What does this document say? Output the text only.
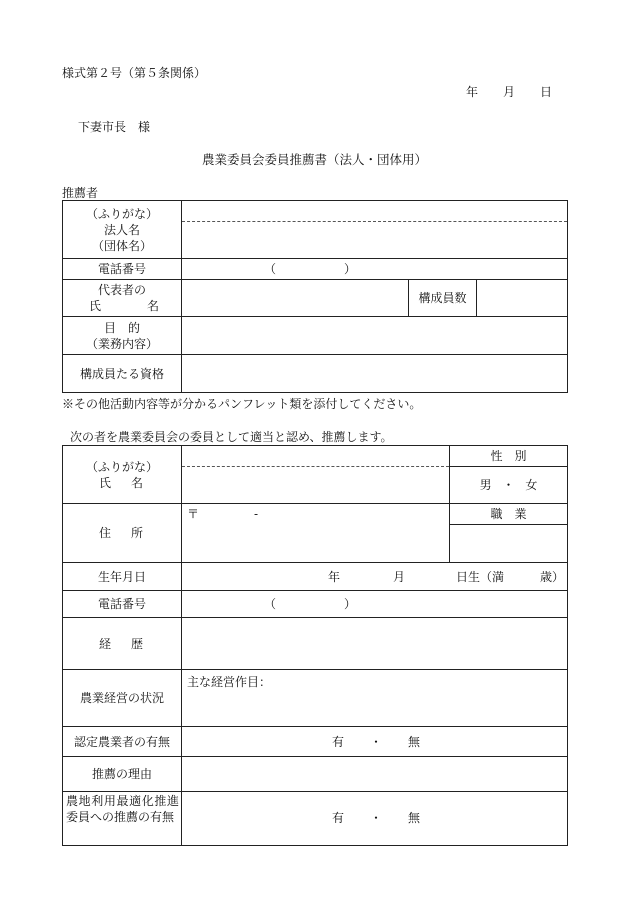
様式第２号（第５条関係）
年 月 日
下妻市長　様
農業委員会委員推薦書（法人・団体用）
推薦者
（ふりがな）
法人名
（団体名）			

電話番号	（ ）		

代表者の
氏 名		構成員数	

目　的
（業務内容）			

構成員たる資格			
※その他活動内容等が分かるパンフレット類を添付してください。
次の者を農業委員会の委員として適当と認め、推薦します。
（ふりがな）
氏 名		性　別
		男 ・ 女

住 所	〒 -	職　業

生年月日	年 月 日生（満 歳）	

電話番号	（ ）	

経 歴		

農業経営の状況	主な経営作目：	
認定農業者の有無	有 ・ 無	

推薦の理由		
農地利用最適化推進委員への推薦の有無	有 ・ 無	
